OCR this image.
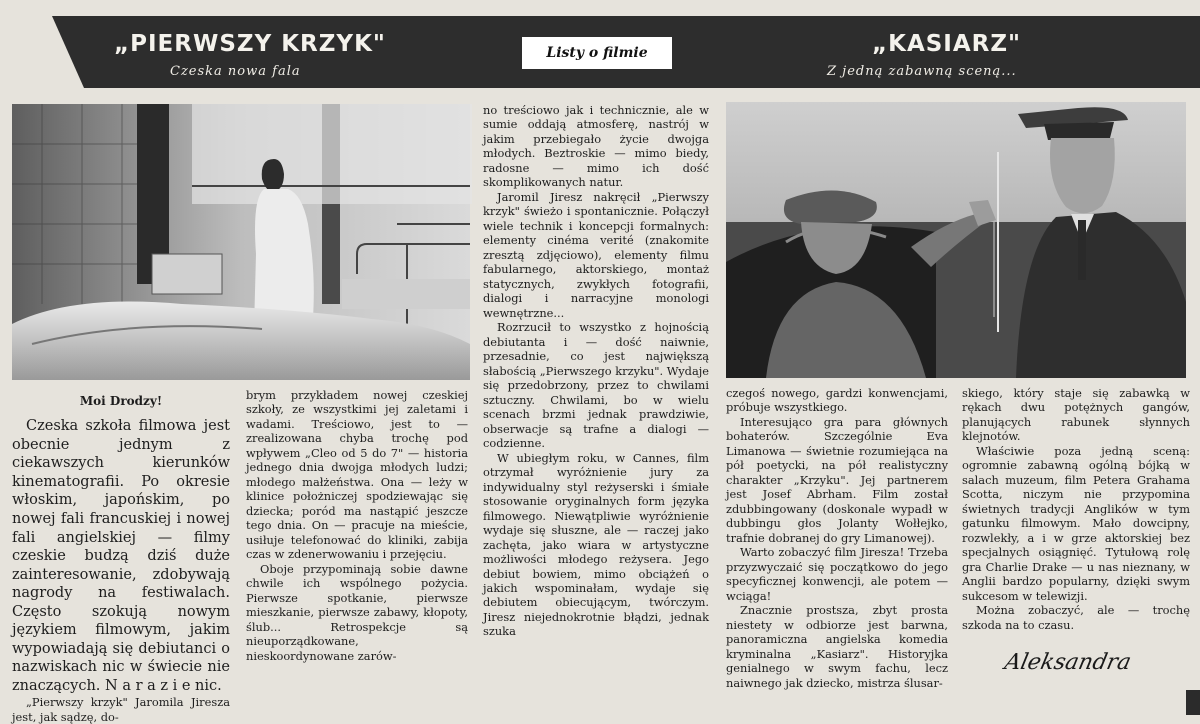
„PIERWSZY KRZYK"
Czeska nowa fala
Listy o filmie	„KASIARZ"
Z jedną zabawną sceną...
Moi Drodzy!

Czeska szkoła filmowa jest obecnie jednym z ciekawszych kierunków kinematografii. Po okresie włoskim, japońskim, po nowej fali francuskiej i nowej fali angielskiej — filmy czeskie budzą dziś duże zainteresowanie, zdobywają nagrody na festiwalach. Często szokują nowym językiem filmowym, jakim wypowiadają się debiutanci o nazwiskach nic w świecie nie znaczących. N a r a z i e nic.

„Pierwszy krzyk" Jaromila Jiresza jest, jak sądzę, do-

brym przykładem nowej czeskiej szkoły, ze wszystkimi jej zaletami i wadami. Treściowo, jest to — zrealizowana chyba trochę pod wpływem „Cleo od 5 do 7" — historia jednego dnia dwojga młodych ludzi; młodego małżeństwa. Ona — leży w klinice położniczej spodziewając się dziecka; poród ma nastąpić jeszcze tego dnia. On — pracuje na mieście, usiłuje telefonować do kliniki, zabija czas w zdenerwowaniu i przejęciu.

Oboje przypominają sobie dawne chwile ich wspólnego pożycia. Pierwsze spotkanie, pierwsze mieszkanie, pierwsze zabawy, kłopoty, ślub... Retrospekcje są nieuporządkowane, nieskoordynowane zarów-

no treściowo jak i technicznie, ale w sumie oddają atmosferę, nastrój w jakim przebiegało życie dwojga młodych. Beztroskie — mimo biedy, radosne — mimo ich dość skomplikowanych natur.

Jaromil Jiresz nakręcił „Pierwszy krzyk" świeżo i spontanicznie. Połączył wiele technik i koncepcji formalnych: elementy cinéma verité (znakomite zresztą zdjęciowo), elementy filmu fabularnego, aktorskiego, montaż statycznych, zwykłych fotografii, dialogi i narracyjne monologi wewnętrzne...

Rozrzucił to wszystko z hojnością debiutanta i — dość naiwnie, przesadnie, co jest największą słabością „Pierwszego krzyku". Wydaje się przedobrzony, przez to chwilami sztuczny. Chwilami, bo w wielu scenach brzmi jednak prawdziwie, obserwacje są trafne a dialogi — codzienne.

W ubiegłym roku, w Cannes, film otrzymał wyróżnienie jury za indywidualny styl reżyserski i śmiałe stosowanie oryginalnych form języka filmowego. Niewątpliwie wyróżnienie wydaje się słuszne, ale — raczej jako zachęta, jako wiara w artystyczne możliwości młodego reżysera. Jego debiut bowiem, mimo obciążeń o jakich wspominałam, wydaje się debiutem obiecującym, twórczym. Jiresz niejednokrotnie błądzi, jednak szuka

czegoś nowego, gardzi konwencjami, próbuje wszystkiego.

Interesująco gra para głównych bohaterów. Szczególnie Eva Limanowa — świetnie rozumiejąca na pół poetycki, na pół realistyczny charakter „Krzyku". Jej partnerem jest Josef Abrham. Film został zdubbingowany (doskonale wypadł w dubbingu głos Jolanty Wołłejko, trafnie dobranej do gry Limanowej).

Warto zobaczyć film Jiresza! Trzeba przyzwyczaić się początkowo do jego specyficznej konwencji, ale potem — wciąga!

Znacznie prostsza, zbyt prosta niestety w odbiorze jest barwna, panoramiczna angielska komedia kryminalna „Kasiarz". Historyjka genialnego w swym fachu, lecz naiwnego jak dziecko, mistrza ślusar-

skiego, który staje się zabawką w rękach dwu potężnych gangów, planujących rabunek słynnych klejnotów.

Właściwie poza jedną sceną: ogromnie zabawną ogólną bójką w salach muzeum, film Petera Grahama Scotta, niczym nie przypomina świetnych tradycji Anglików w tym gatunku filmowym. Mało dowcipny, rozwlekły, a i w grze aktorskiej bez specjalnych osiągnięć. Tytułową rolę gra Charlie Drake — u nas nieznany, w Anglii bardzo popularny, dzięki swym sukcesom w telewizji.

Można zobaczyć, ale — trochę szkoda na to czasu.

Aleksandra
